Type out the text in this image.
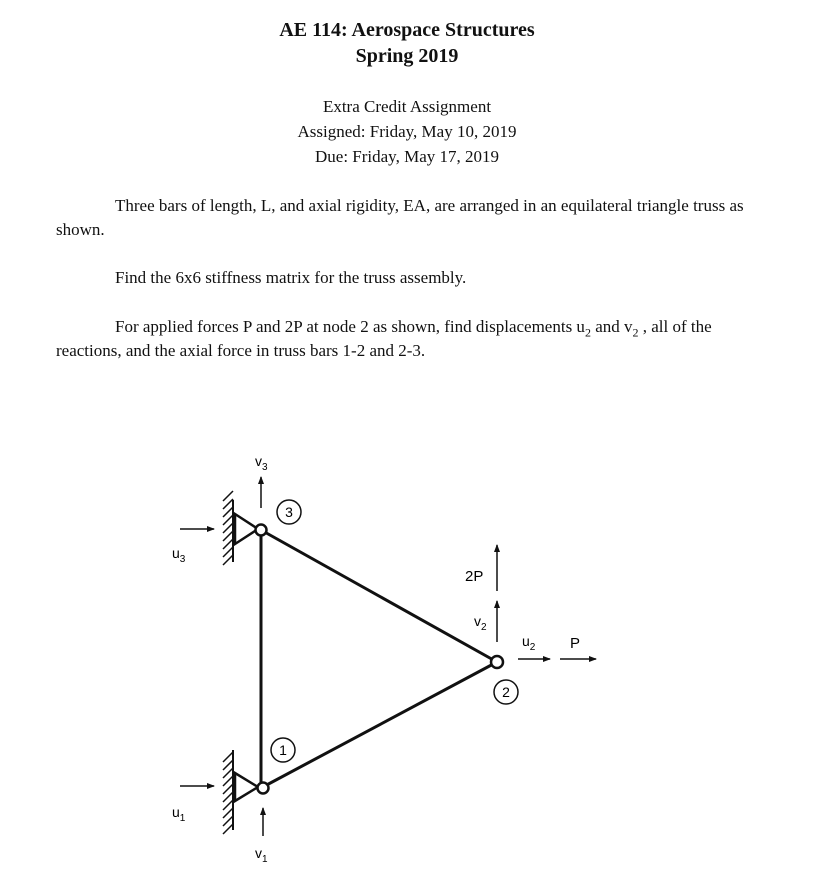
AE 114: Aerospace Structures
Spring 2019
Extra Credit Assignment
Assigned: Friday, May 10, 2019
Due: Friday, May 17, 2019
Three bars of length, L, and axial rigidity, EA, are arranged in an equilateral triangle truss as shown.
Find the 6x6 stiffness matrix for the truss assembly.
For applied forces P and 2P at node 2 as shown, find displacements $u_2$ and $v_2$ , all of the reactions, and the axial force in truss bars 1-2 and 2-3.
3
1
2
$v_3$
$u_3$
$u_1$
$v_1$
2P
$v_2$
$u_2$ P
